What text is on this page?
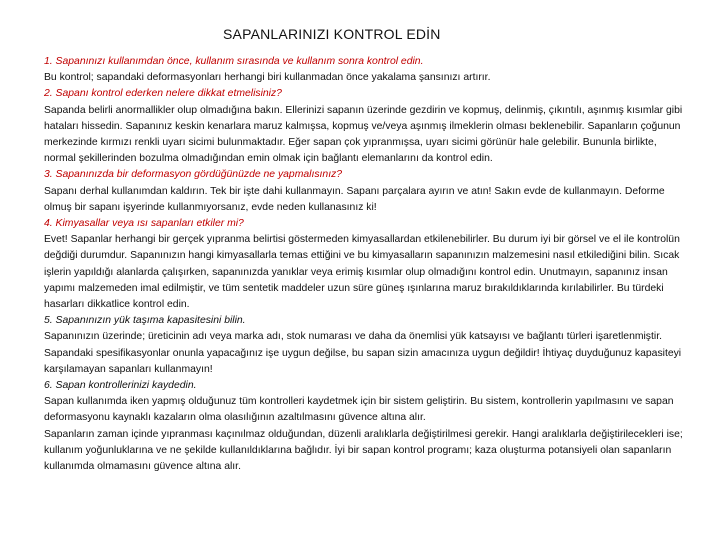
SAPANLARINIZI KONTROL EDİN

1. Sapanınızı kullanımdan önce, kullanım sırasında ve kullanım sonra kontrol edin.

Bu kontrol; sapandaki deformasyonları herhangi biri kullanmadan önce yakalama şansınızı artırır.

2. Sapanı kontrol ederken nelere dikkat etmelisiniz?

Sapanda belirli anormallikler olup olmadığına bakın. Ellerinizi sapanın üzerinde gezdirin ve kopmuş, delinmiş, çıkıntılı, aşınmış kısımlar gibi hataları hissedin. Sapanınız keskin kenarlara maruz kalmışsa, kopmuş ve/veya aşınmış ilmeklerin olması beklenebilir. Sapanların çoğunun merkezinde kırmızı renkli uyarı sicimi bulunmaktadır. Eğer sapan çok yıpranmışsa, uyarı sicimi görünür hale gelebilir. Bununla birlikte, normal şekillerinden bozulma olmadığından emin olmak için bağlantı elemanlarını da kontrol edin.

3. Sapanınızda bir deformasyon gördüğünüzde ne yapmalısınız?

Sapanı derhal kullanımdan kaldırın. Tek bir işte dahi kullanmayın. Sapanı parçalara ayırın ve atın! Sakın evde de kullanmayın. Deforme olmuş bir sapanı işyerinde kullanmıyorsanız, evde neden kullanasınız ki!

4. Kimyasallar veya ısı sapanları etkiler mi?

Evet! Sapanlar herhangi bir gerçek yıpranma belirtisi göstermeden kimyasallardan etkilenebilirler. Bu durum iyi bir görsel ve el ile kontrolün değdiği durumdur. Sapanınızın hangi kimyasallarla temas ettiğini ve bu kimyasalların sapanınızın malzemesini nasıl etkilediğini bilin. Sıcak işlerin yapıldığı alanlarda çalışırken, sapanınızda yanıklar veya erimiş kısımlar olup olmadığını kontrol edin. Unutmayın, sapanınız insan yapımı malzemeden imal edilmiştir, ve tüm sentetik maddeler uzun süre güneş ışınlarına maruz bırakıldıklarında kırılabilirler. Bu türdeki hasarları dikkatlice kontrol edin.

5. Sapanınızın yük taşıma kapasitesini bilin.

Sapanınızın üzerinde; üreticinin adı veya marka adı, stok numarası ve daha da önemlisi yük katsayısı ve bağlantı türleri işaretlenmiştir. Sapandaki spesifikasyonlar onunla yapacağınız işe uygun değilse, bu sapan sizin amacınıza uygun değildir! İhtiyaç duyduğunuz kapasiteyi karşılamayan sapanları kullanmayın!

6. Sapan kontrollerinizi kaydedin.

Sapan kullanımda iken yapmış olduğunuz tüm kontrolleri kaydetmek için bir sistem geliştirin. Bu sistem, kontrollerin yapılmasını ve sapan deformasyonu kaynaklı kazaların olma olasılığının azaltılmasını güvence altına alır.

Sapanların zaman içinde yıpranması kaçınılmaz olduğundan, düzenli aralıklarla değiştirilmesi gerekir. Hangi aralıklarla değiştirilecekleri ise; kullanım yoğunluklarına ve ne şekilde kullanıldıklarına bağlıdır. İyi bir sapan kontrol programı; kaza oluşturma potansiyeli olan sapanların kullanımda olmamasını güvence altına alır.
